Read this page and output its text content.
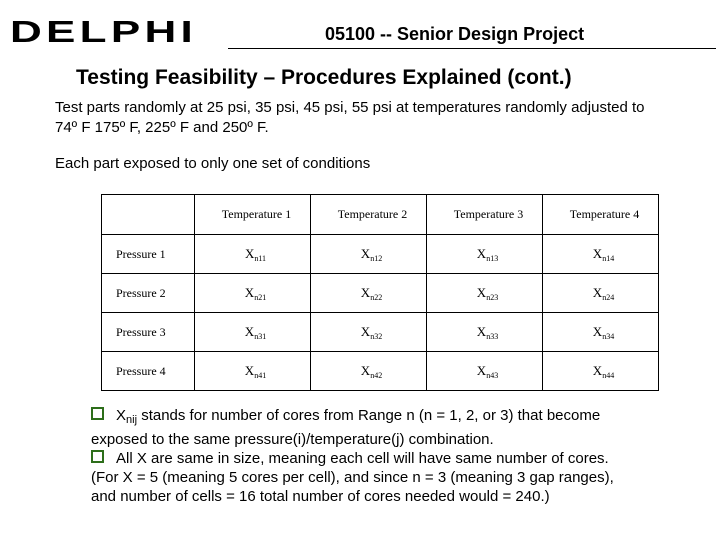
DELPHI	05100 -- Senior Design Project
Testing Feasibility – Procedures Explained (cont.)

Test parts randomly at 25 psi, 35 psi, 45 psi, 55 psi at temperatures randomly adjusted to

74º F 175º F, 225º F and 250º F.

Each part exposed to only one set of conditions
	Temperature 1	Temperature 2	Temperature 3	Temperature 4
Pressure 1	$X_{n11}$	$X_{n12}$	$X_{n13}$	$X_{n14}$
Pressure 2	$X_{n21}$	$X_{n22}$	$X_{n23}$	$X_{n24}$
Pressure 3	$X_{n31}$	$X_{n32}$	$X_{n33}$	$X_{n34}$
Pressure 4	$X_{n41}$	$X_{n42}$	$X_{n43}$	$X_{n44}$

$X_{nij}$ stands for number of cores from Range n (n = 1, 2, or 3) that become

exposed to the same pressure(i)/temperature(j) combination.

All X are same in size, meaning each cell will have same number of cores.

(For X = 5 (meaning 5 cores per cell), and since n = 3 (meaning 3 gap ranges),

and number of cells = 16 total number of cores needed would = 240.)
